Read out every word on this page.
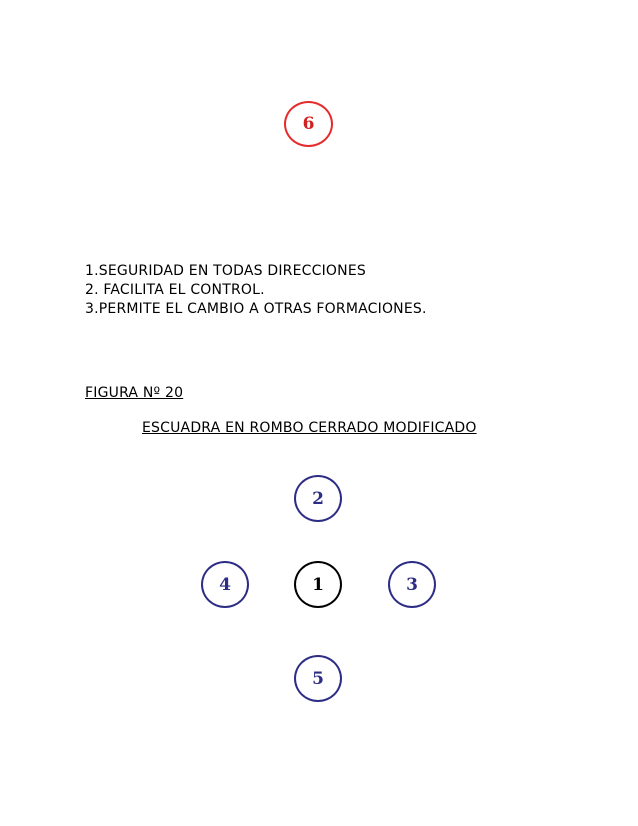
6
1.SEGURIDAD EN TODAS DIRECCIONES
2. FACILITA EL CONTROL.
3.PERMITE EL CAMBIO A OTRAS FORMACIONES.
FIGURA Nº 20
ESCUADRA EN ROMBO CERRADO MODIFICADO
2
4	1	3
5
